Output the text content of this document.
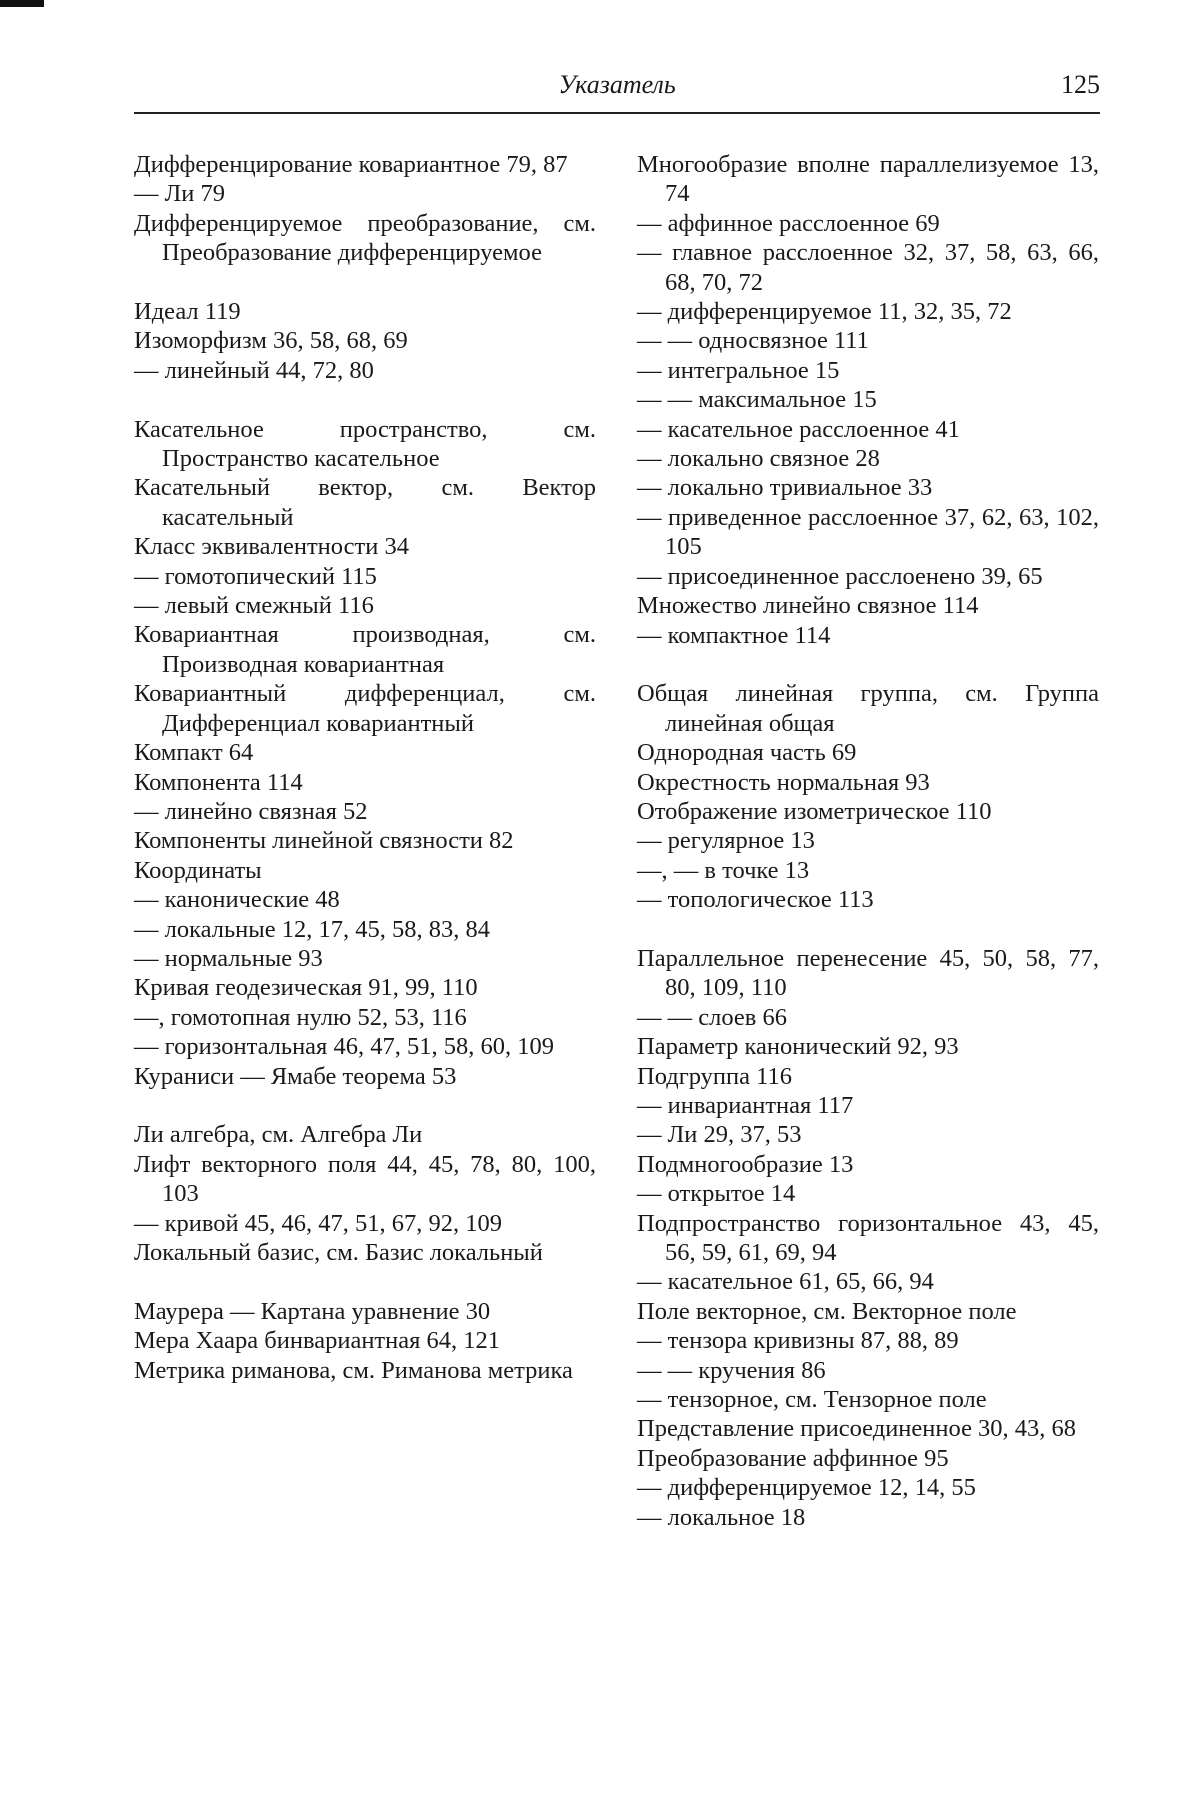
Указатель	125

Дифференцирование ковариантное 79, 87

— Ли 79

Дифференцируемое преобразование, см. Преобразование дифференцируемое

Идеал 119

Изоморфизм 36, 58, 68, 69

— линейный 44, 72, 80

Касательное пространство, см. Пространство касательное

Касательный вектор, см. Вектор касательный

Класс эквивалентности 34

— гомотопический 115

— левый смежный 116

Ковариантная производная, см. Производная ковариантная

Ковариантный дифференциал, см. Дифференциал ковариантный

Компакт 64

Компонента 114

— линейно связная 52

Компоненты линейной связности 82

Координаты

— канонические 48

— локальные 12, 17, 45, 58, 83, 84

— нормальные 93

Кривая геодезическая 91, 99, 110

—, гомотопная нулю 52, 53, 116

— горизонтальная 46, 47, 51, 58, 60, 109

Кураниси — Ямабе теорема 53

Ли алгебра, см. Алгебра Ли

Лифт векторного поля 44, 45, 78, 80, 100, 103

— кривой 45, 46, 47, 51, 67, 92, 109

Локальный базис, см. Базис локальный

Маурера — Картана уравнение 30

Мера Хаара бинвариантная 64, 121

Метрика риманова, см. Риманова метрика

Многообразие вполне параллелизуемое 13, 74

— аффинное расслоенное 69

— главное расслоенное 32, 37, 58, 63, 66, 68, 70, 72

— дифференцируемое 11, 32, 35, 72

— — односвязное 111

— интегральное 15

— — максимальное 15

— касательное расслоенное 41

— локально связное 28

— локально тривиальное 33

— приведенное расслоенное 37, 62, 63, 102, 105

— присоединенное расслоенено 39, 65

Множество линейно связное 114

— компактное 114

Общая линейная группа, см. Группа линейная общая

Однородная часть 69

Окрестность нормальная 93

Отображение изометрическое 110

— регулярное 13

—, — в точке 13

— топологическое 113

Параллельное перенесение 45, 50, 58, 77, 80, 109, 110

— — слоев 66

Параметр канонический 92, 93

Подгруппа 116

— инвариантная 117

— Ли 29, 37, 53

Подмногообразие 13

— открытое 14

Подпространство горизонтальное 43, 45, 56, 59, 61, 69, 94

— касательное 61, 65, 66, 94

Поле векторное, см. Векторное поле

— тензора кривизны 87, 88, 89

— — кручения 86

— тензорное, см. Тензорное поле

Представление присоединенное 30, 43, 68

Преобразование аффинное 95

— дифференцируемое 12, 14, 55

— локальное 18
